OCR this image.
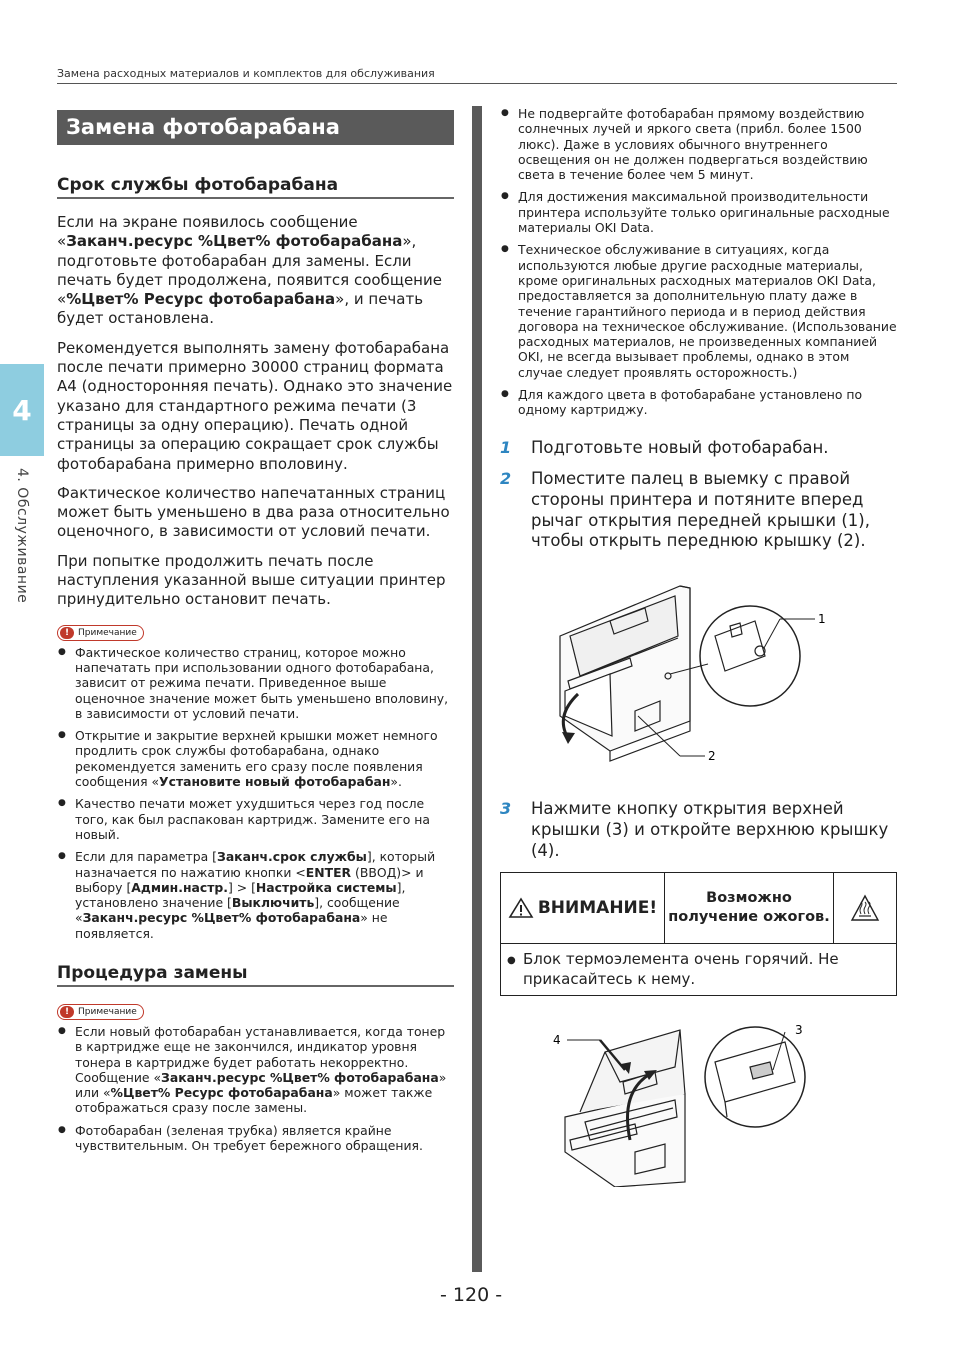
Замена расходных материалов и комплектов для обслуживания
4
4. Обслуживание
Замена фотобарабана
Срок службы фотобарабана

Если на экране появилось сообщение «Заканч.ресурс %Цвет% фотобарабана», подготовьте фотобарабан для замены. Если печать будет продолжена, появится сообщение «%Цвет% Ресурс фотобарабана», и печать будет остановлена.

Рекомендуется выполнять замену фотобарабана после печати примерно 30000 страниц формата А4 (односторонняя печать). Однако это значение указано для стандартного режима печати (3 страницы за одну операцию). Печать одной страницы за операцию сокращает срок службы фотобарабана примерно вполовину.

Фактическое количество напечатанных страниц может быть уменьшено в два раза относительно оценочного, в зависимости от условий печати.

При попытке продолжить печать после наступления указанной выше ситуации принтер принудительно остановит печать.

! Примечание
● Фактическое количество страниц, которое можно напечатать при использовании одного фотобарабана, зависит от режима печати. Приведенное выше оценочное значение может быть уменьшено вполовину, в зависимости от условий печати.
● Открытие и закрытие верхней крышки может немного продлить срок службы фотобарабана, однако рекомендуется заменить его сразу после появления сообщения «Установите новый фотобарабан».
● Качество печати может ухудшиться через год после того, как был распакован картридж. Замените его на новый.
● Если для параметра [Заканч.срок службы], который назначается по нажатию кнопки <ENTER (ВВОД)> и выбору [Админ.настр.] > [Настройка системы], установлено значение [Выключить], сообщение «Заканч.ресурс %Цвет% фотобарабана» не появляется.
Процедура замены
! Примечание
● Если новый фотобарабан устанавливается, когда тонер в картридже еще не закончился, индикатор уровня тонера в картридже будет работать некорректно. Сообщение «Заканч.ресурс %Цвет% фотобарабана» или «%Цвет% Ресурс фотобарабана» может также отображаться сразу после замены.
● Фотобарабан (зеленая трубка) является крайне чувствительным. Он требует бережного обращения.
● Не подвергайте фотобарабан прямому воздействию солнечных лучей и яркого света (прибл. более 1500 люкс). Даже в условиях обычного внутреннего освещения он не должен подвергаться воздействию света в течение более чем 5 минут.
● Для достижения максимальной производительности принтера используйте только оригинальные расходные материалы OKI Data.
● Техническое обслуживание в ситуациях, когда используются любые другие расходные материалы, кроме оригинальных расходных материалов OKI Data, предоставляется за дополнительную плату даже в течение гарантийного периода и в период действия договора на техническое обслуживание. (Использование расходных материалов, не произведенных компанией OKI, не всегда вызывает проблемы, однако в этом случае следует проявлять осторожность.)
● Для каждого цвета в фотобарабане установлено по одному картриджу.
1	Подготовьте новый фотобарабан.
2	Поместите палец в выемку с правой стороны принтера и потяните вперед рычаг открытия передней крышки (1), чтобы открыть переднюю крышку (2).
1
2
3	Нажмите кнопку открытия верхней крышки (3) и откройте верхнюю крышку (4).
ВНИМАНИЕ!	Возможно получение ожогов.
● Блок термоэлемента очень горячий. Не прикасайтесь к нему.
4
3
- 120 -
